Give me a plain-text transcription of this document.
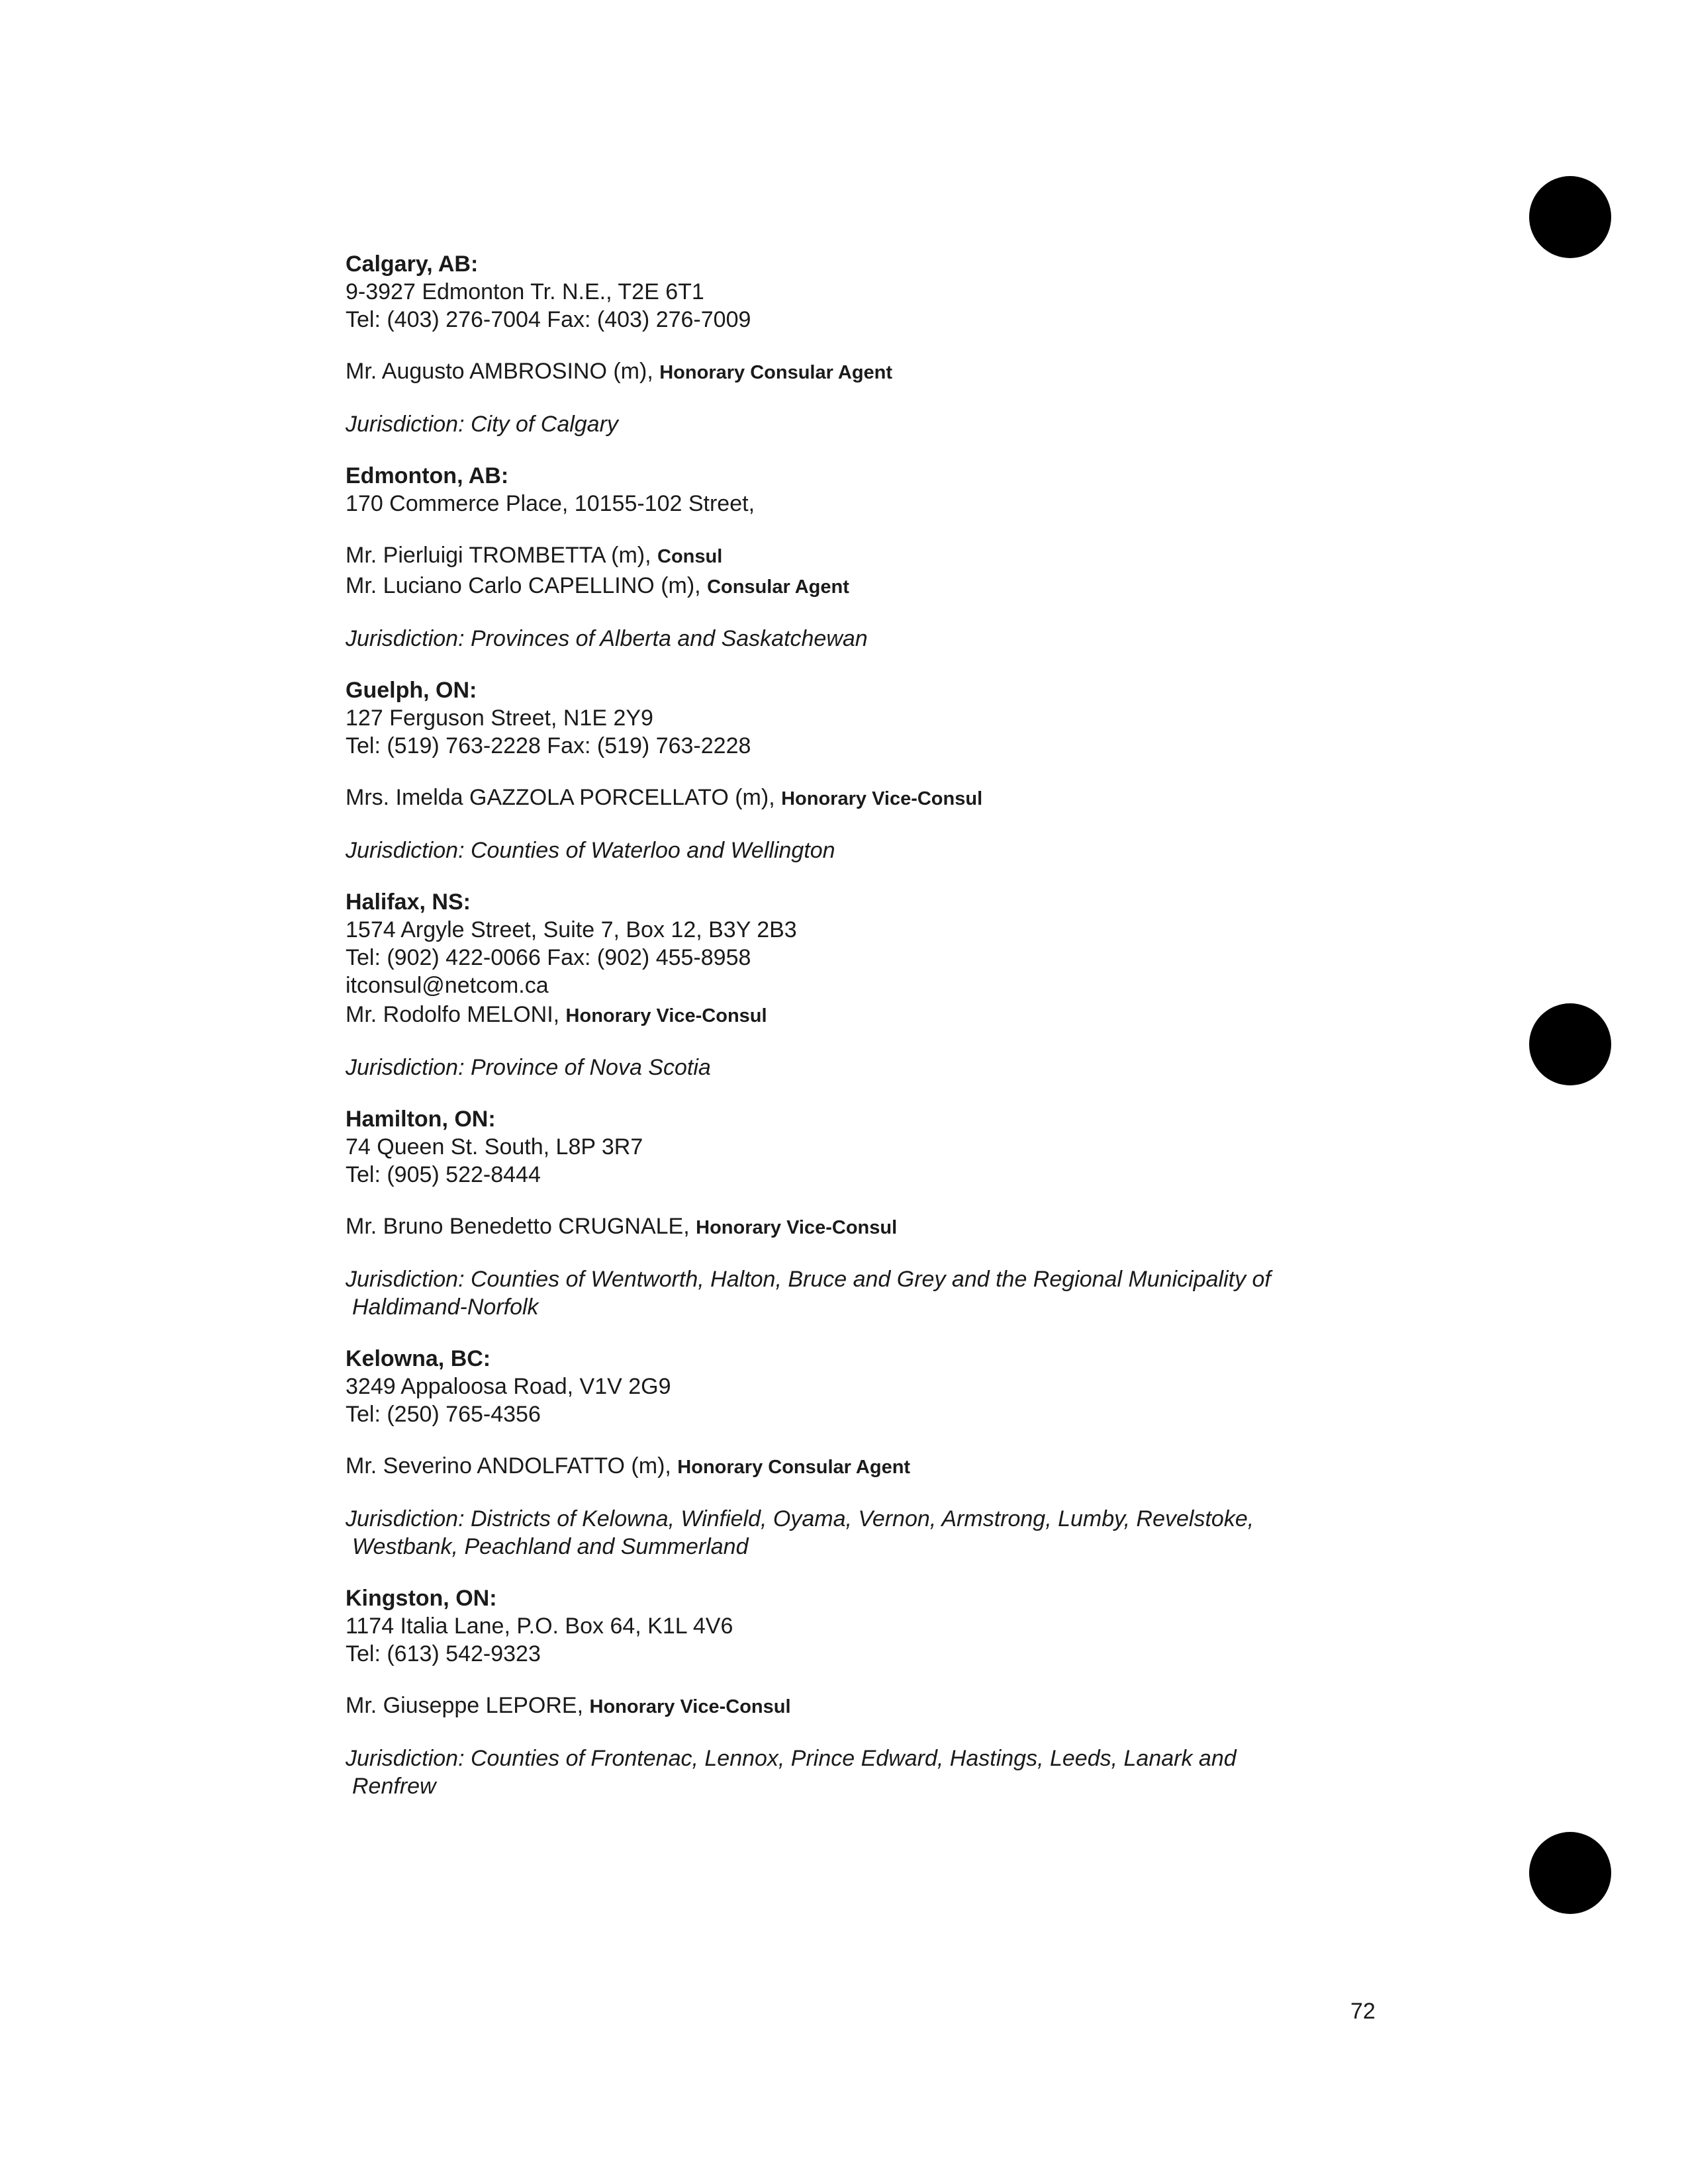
Calgary, AB:

9-3927 Edmonton Tr. N.E., T2E 6T1

Tel: (403) 276-7004 Fax: (403) 276-7009

Mr. Augusto AMBROSINO (m), Honorary Consular Agent

Jurisdiction: City of Calgary

Edmonton, AB:

170 Commerce Place, 10155-102 Street,

Mr. Pierluigi TROMBETTA (m), Consul

Mr. Luciano Carlo CAPELLINO (m), Consular Agent

Jurisdiction: Provinces of Alberta and Saskatchewan

Guelph, ON:

127 Ferguson Street, N1E 2Y9

Tel: (519) 763-2228 Fax: (519) 763-2228

Mrs. Imelda GAZZOLA PORCELLATO (m), Honorary Vice-Consul

Jurisdiction: Counties of Waterloo and Wellington

Halifax, NS:

1574 Argyle Street, Suite 7, Box 12, B3Y 2B3

Tel: (902) 422-0066 Fax: (902) 455-8958

itconsul@netcom.ca

Mr. Rodolfo MELONI, Honorary Vice-Consul

Jurisdiction: Province of Nova Scotia

Hamilton, ON:

74 Queen St. South, L8P 3R7

Tel: (905) 522-8444

Mr. Bruno Benedetto CRUGNALE, Honorary Vice-Consul

Jurisdiction: Counties of Wentworth, Halton, Bruce and Grey and the Regional Municipality of
Haldimand-Norfolk

Kelowna, BC:

3249 Appaloosa Road, V1V 2G9

Tel: (250) 765-4356

Mr. Severino ANDOLFATTO (m), Honorary Consular Agent

Jurisdiction: Districts of Kelowna, Winfield, Oyama, Vernon, Armstrong, Lumby, Revelstoke,
Westbank, Peachland and Summerland

Kingston, ON:

1174 Italia Lane, P.O. Box 64, K1L 4V6

Tel: (613) 542-9323

Mr. Giuseppe LEPORE, Honorary Vice-Consul

Jurisdiction: Counties of Frontenac, Lennox, Prince Edward, Hastings, Leeds, Lanark and
Renfrew

72
